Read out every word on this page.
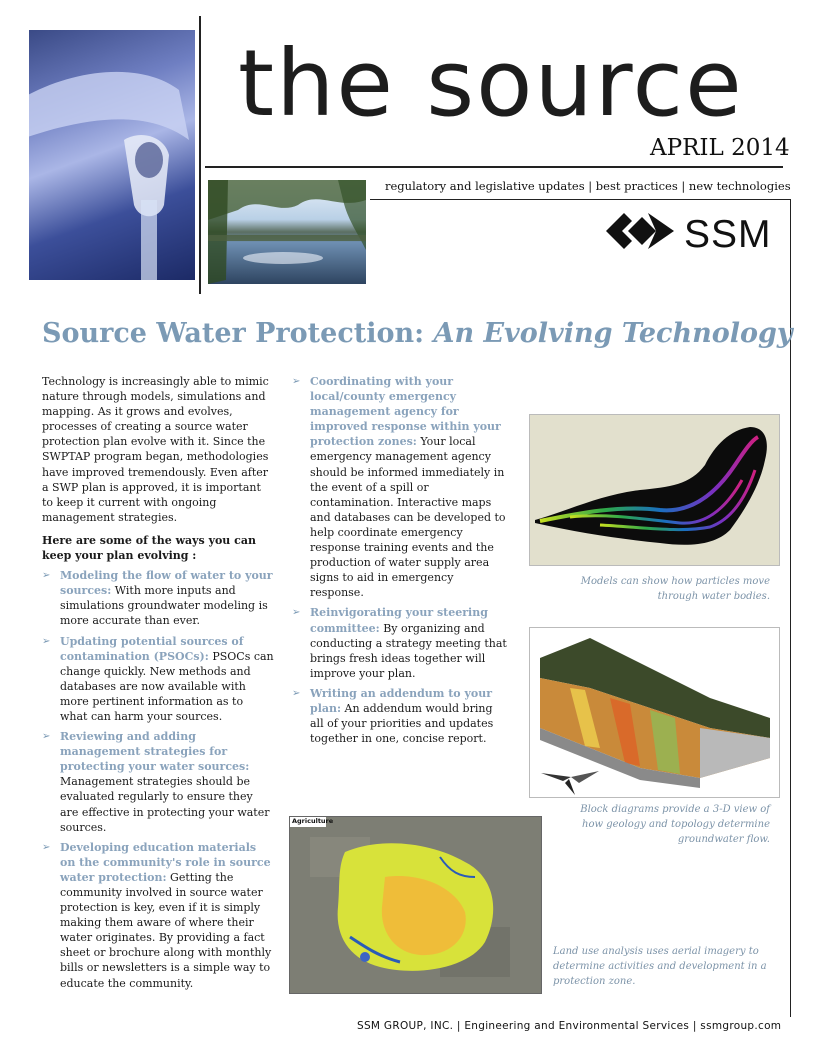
the source
APRIL 2014
regulatory and legislative updates | best practices | new technologies
SSM
Source Water Protection: An Evolving Technology

Technology is increasingly able to mimic nature through models, simulations and mapping. As it grows and evolves, processes of creating a source water protection plan evolve with it. Since the SWPTAP program began, methodologies have improved tremendously. Even after a SWP plan is approved, it is important to keep it current with ongoing management strategies.

Here are some of the ways you can keep your plan evolving :

➢ Modeling the flow of water to your sources: With more inputs and simulations groundwater modeling is more accurate than ever.
➢ Updating potential sources of contamination (PSOCs): PSOCs can change quickly. New methods and databases are now available with more pertinent information as to what can harm your sources.
➢ Reviewing and adding management strategies for protecting your water sources: Management strategies should be evaluated regularly to ensure they are effective in protecting your water sources.
➢ Developing education materials on the community's role in source water protection: Getting the community involved in source water protection is key, even if it is simply making them aware of where their water originates. By providing a fact sheet or brochure along with monthly bills or newsletters is a simple way to educate the community.
➢ Coordinating with your local/county emergency management agency for improved response within your protection zones: Your local emergency management agency should be informed immediately in the event of a spill or contamination. Interactive maps and databases can be developed to help coordinate emergency response training events and the production of water supply area signs to aid in emergency response.
➢ Reinvigorating your steering committee: By organizing and conducting a strategy meeting that brings fresh ideas together will improve your plan.
➢ Writing an addendum to your plan: An addendum would bring all of your priorities and updates together in one, concise report.
Models can show how particles move through water bodies.
Block diagrams provide a 3-D view of how geology and topology determine groundwater flow.
Agriculture
Land use analysis uses aerial imagery to determine activities and development in a protection zone.
SSM GROUP, INC. | Engineering and Environmental Services | ssmgroup.com
